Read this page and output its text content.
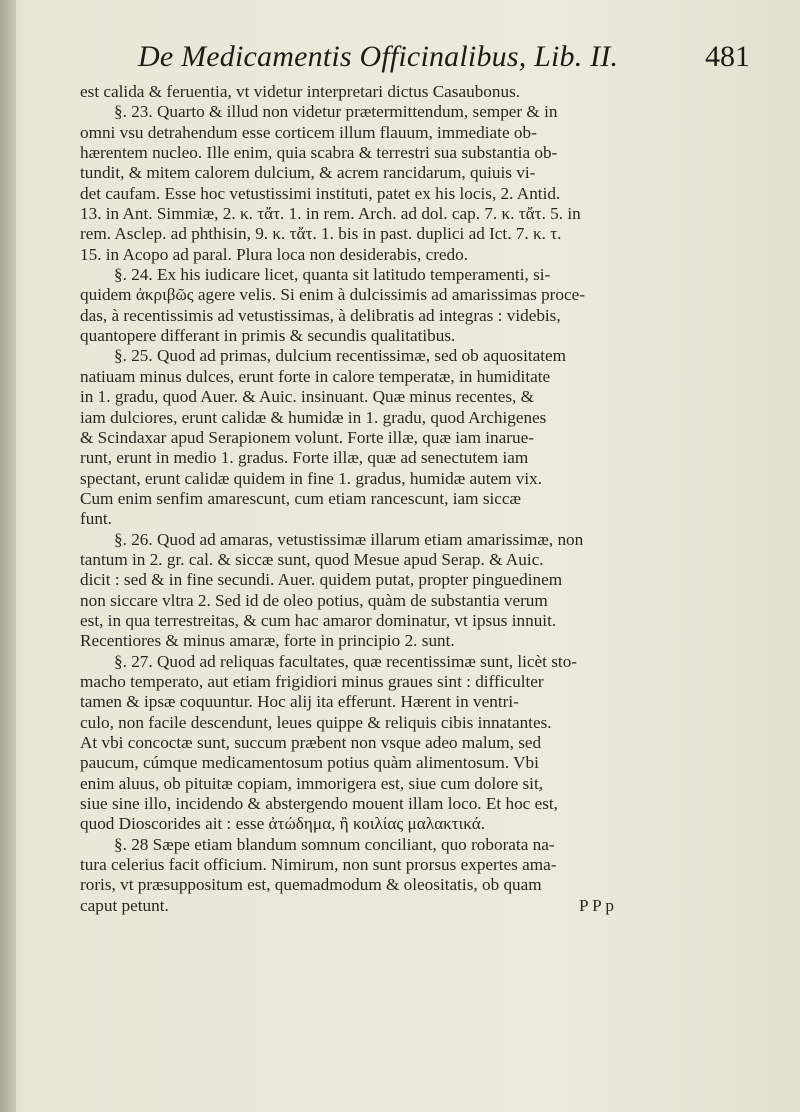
De Medicamentis Officinalibus, Lib. II.	481
est calida & feruentia, vt videtur interpretari dictus Casaubonus.
§. 23. Quarto & illud non videtur prætermittendum, semper & in
omni vsu detrahendum esse corticem illum flauum, immediate ob-
hærentem nucleo. Ille enim, quia scabra & terrestri sua substantia ob-
tundit, & mitem calorem dulcium, & acrem rancidarum, quiuis vi-
det caufam. Esse hoc vetustissimi instituti, patet ex his locis, 2. Antid.
13. in Ant. Simmiæ, 2. κ. τἄτ. 1. in rem. Arch. ad dol. cap. 7. κ. τἄτ. 5. in
rem. Asclep. ad phthisin, 9. κ. τἄτ. 1. bis in past. duplici ad Ict. 7. κ. τ.
15. in Acopo ad paral. Plura loca non desiderabis, credo.
§. 24. Ex his iudicare licet, quanta sit latitudo temperamenti, si-
quidem ἀκριβῶς agere velis. Si enim à dulcissimis ad amarissimas proce-
das, à recentissimis ad vetustissimas, à delibratis ad integras : videbis,
quantopere differant in primis & secundis qualitatibus.
§. 25. Quod ad primas, dulcium recentissimæ, sed ob aquositatem
natiuam minus dulces, erunt forte in calore temperatæ, in humiditate
in 1. gradu, quod Auer. & Auic. insinuant. Quæ minus recentes, &
iam dulciores, erunt calidæ & humidæ in 1. gradu, quod Archigenes
& Scindaxar apud Serapionem volunt. Forte illæ, quæ iam inarue-
runt, erunt in medio 1. gradus. Forte illæ, quæ ad senectutem iam
spectant, erunt calidæ quidem in fine 1. gradus, humidæ autem vix.
Cum enim senfim amarescunt, cum etiam rancescunt, iam siccæ
funt.
§. 26. Quod ad amaras, vetustissimæ illarum etiam amarissimæ, non
tantum in 2. gr. cal. & siccæ sunt, quod Mesue apud Serap. & Auic.
dicit : sed & in fine secundi. Auer. quidem putat, propter pinguedinem
non siccare vltra 2. Sed id de oleo potius, quàm de substantia verum
est, in qua terrestreitas, & cum hac amaror dominatur, vt ipsus innuit.
Recentiores & minus amaræ, forte in principio 2. sunt.
§. 27. Quod ad reliquas facultates, quæ recentissimæ sunt, licèt sto-
macho temperato, aut etiam frigidiori minus graues sint : difficulter
tamen & ipsæ coquuntur. Hoc alij ita efferunt. Hærent in ventri-
culo, non facile descendunt, leues quippe & reliquis cibis innatantes.
At vbi concoctæ sunt, succum præbent non vsque adeo malum, sed
paucum, cúmque medicamentosum potius quàm alimentosum. Vbi
enim aluus, ob pituitæ copiam, immorigera est, siue cum dolore sit,
siue sine illo, incidendo & abstergendo mouent illam loco. Et hoc est,
quod Dioscorides ait : esse ἀτώδημα, ἢ κοιλίας μαλακτικά.
§. 28 Sæpe etiam blandum somnum conciliant, quo roborata na-
tura celerius facit officium. Nimirum, non sunt prorsus expertes ama-
roris, vt præsuppositum est, quemadmodum & oleositatis, ob quam
caput petunt.	P P p
